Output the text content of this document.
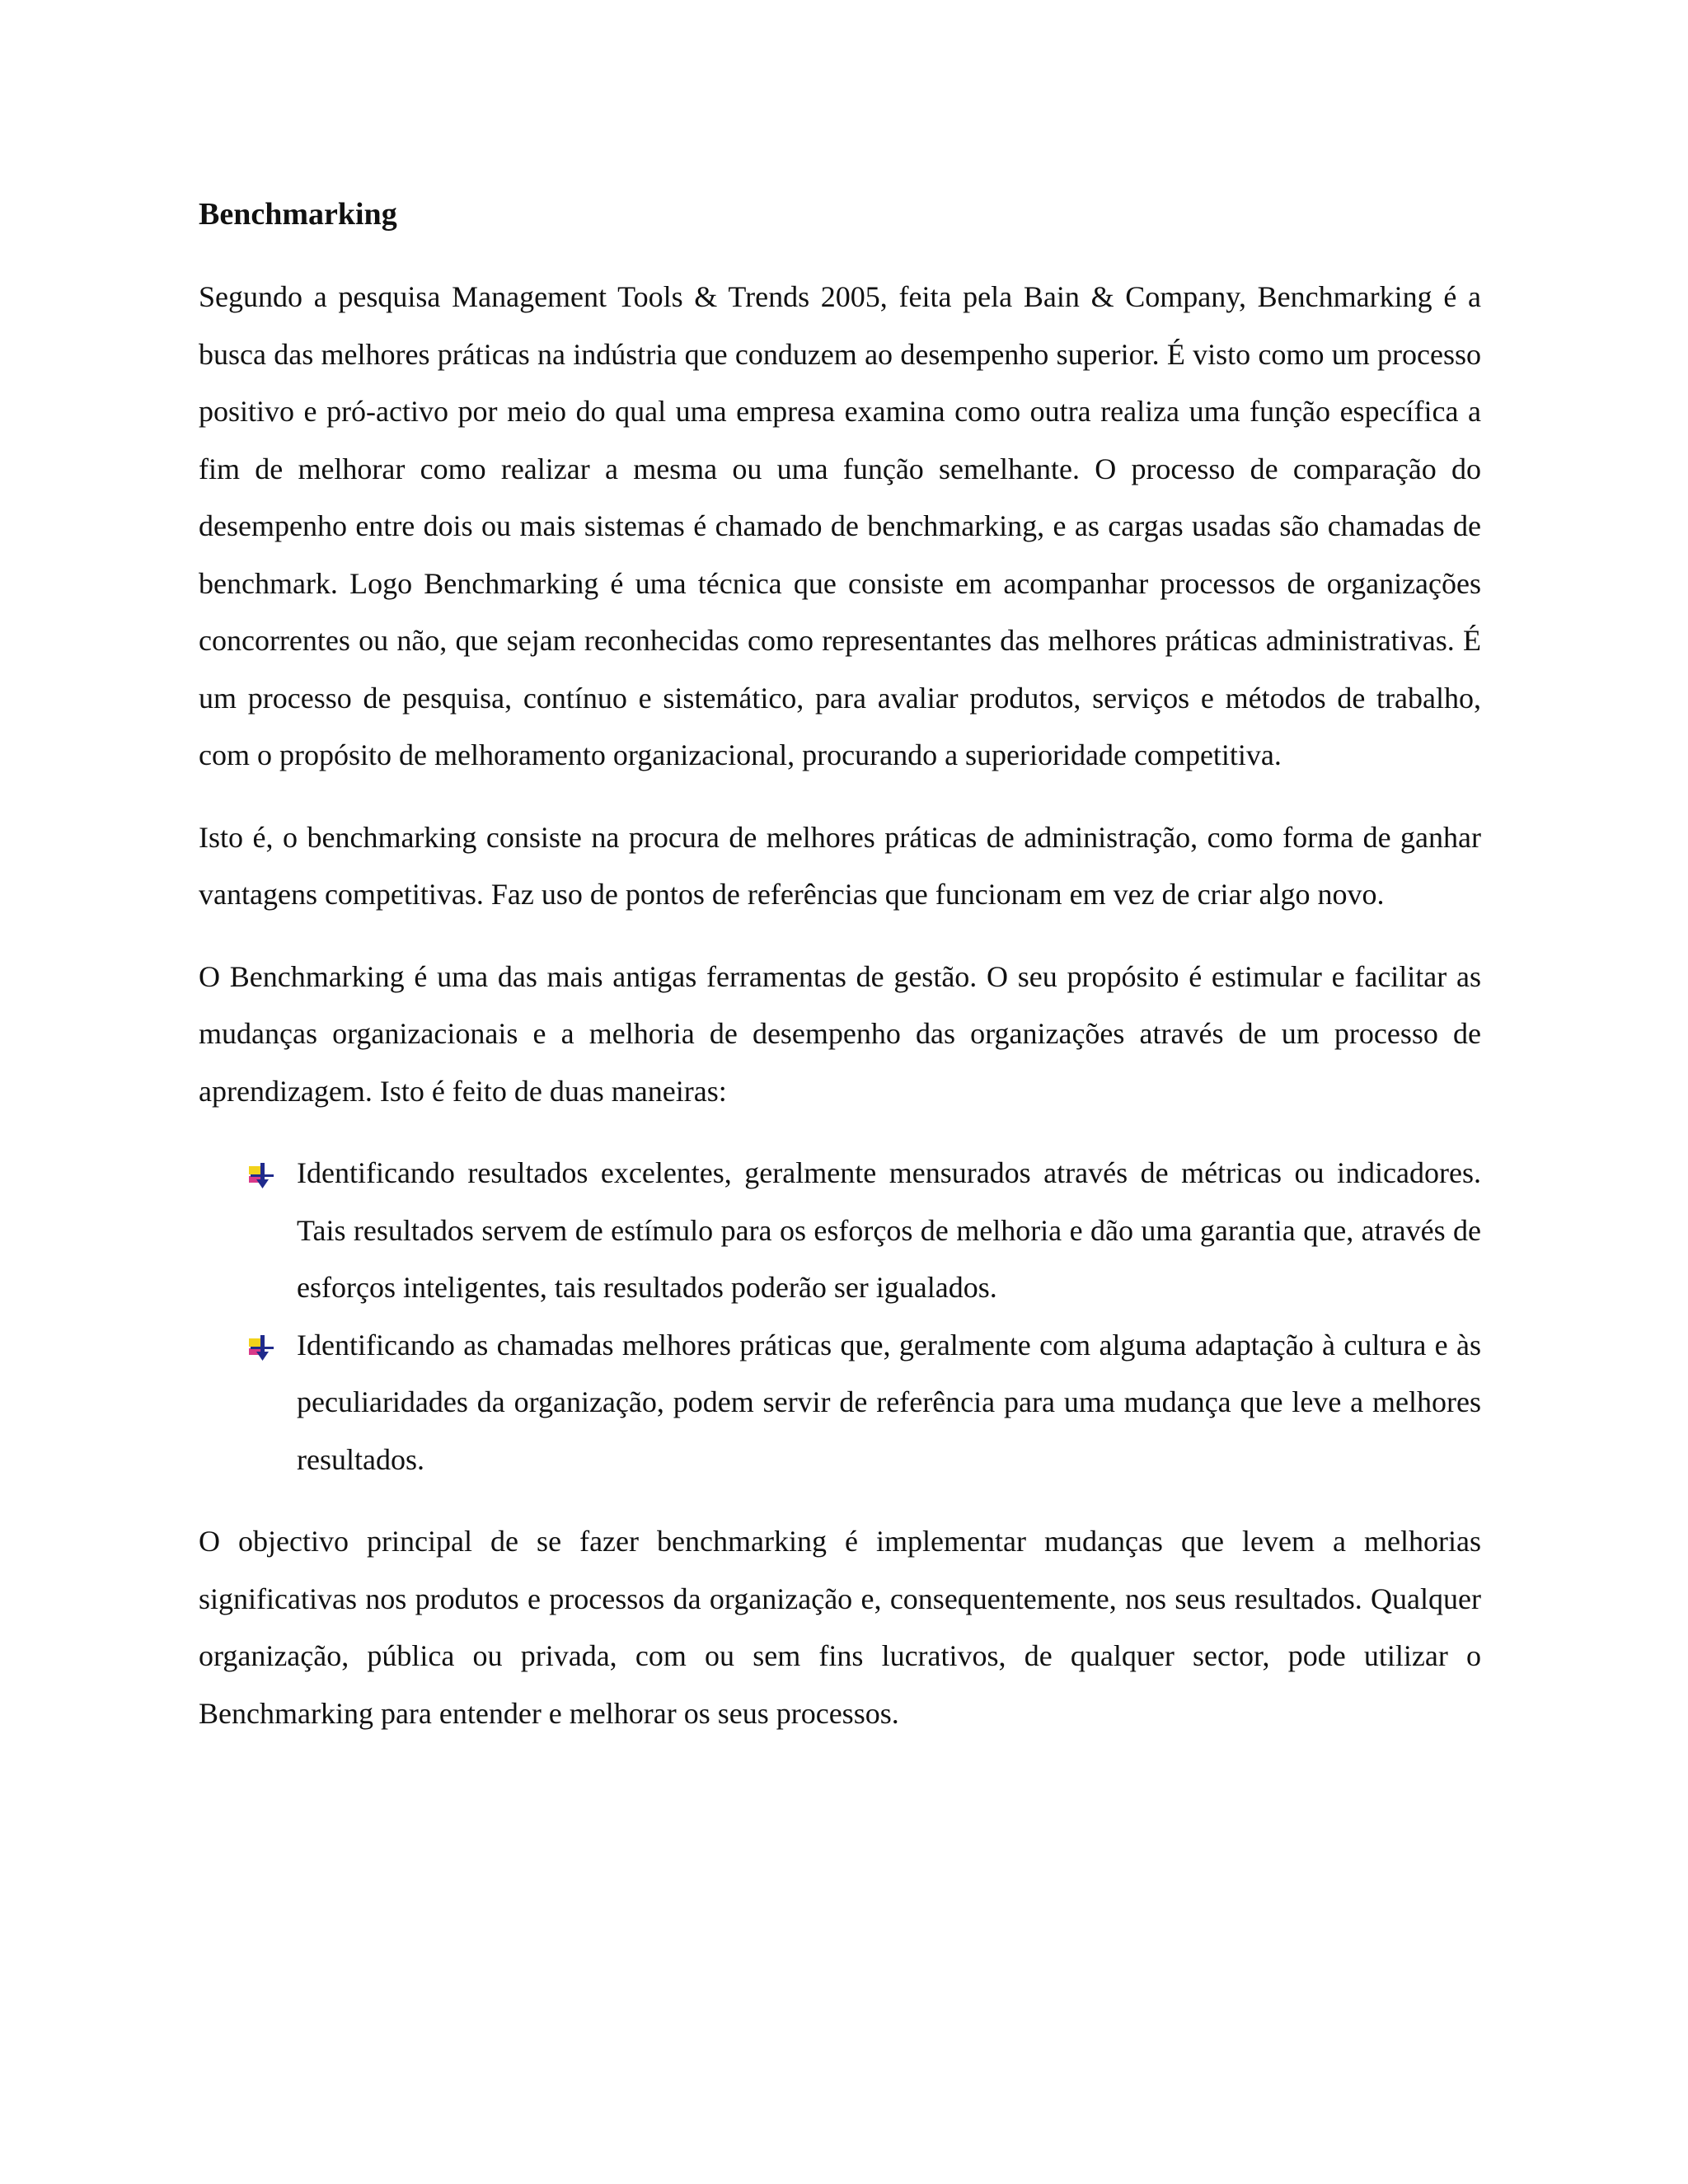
Benchmarking

Segundo a pesquisa Management Tools & Trends 2005, feita pela Bain & Company, Benchmarking é a busca das melhores práticas na indústria que conduzem ao desempenho superior. É visto como um processo positivo e pró-activo por meio do qual uma empresa examina como outra realiza uma função específica a fim de melhorar como realizar a mesma ou uma função semelhante. O processo de comparação do desempenho entre dois ou mais sistemas é chamado de benchmarking, e as cargas usadas são chamadas de benchmark. Logo Benchmarking é uma técnica que consiste em acompanhar processos de organizações concorrentes ou não, que sejam reconhecidas como representantes das melhores práticas administrativas. É um processo de pesquisa, contínuo e sistemático, para avaliar produtos, serviços e métodos de trabalho, com o propósito de melhoramento organizacional, procurando a superioridade competitiva.

Isto é, o benchmarking consiste na procura de melhores práticas de administração, como forma de ganhar vantagens competitivas. Faz uso de pontos de referências que funcionam em vez de criar algo novo.

O Benchmarking é uma das mais antigas ferramentas de gestão. O seu propósito é estimular e facilitar as mudanças organizacionais e a melhoria de desempenho das organizações através de um processo de aprendizagem. Isto é feito de duas maneiras:

Identificando resultados excelentes, geralmente mensurados através de métricas ou indicadores. Tais resultados servem de estímulo para os esforços de melhoria e dão uma garantia que, através de esforços inteligentes, tais resultados poderão ser igualados.
Identificando as chamadas melhores práticas que, geralmente com alguma adaptação à cultura e às peculiaridades da organização, podem servir de referência para uma mudança que leve a melhores resultados.

O objectivo principal de se fazer benchmarking é implementar mudanças que levem a melhorias significativas nos produtos e processos da organização e, consequentemente, nos seus resultados. Qualquer organização, pública ou privada, com ou sem fins lucrativos, de qualquer sector, pode utilizar o Benchmarking para entender e melhorar os seus processos.
